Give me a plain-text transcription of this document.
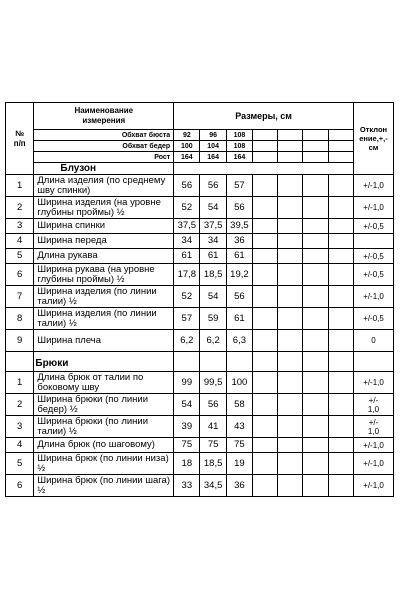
№
п/п	Наименование
измерения	Размеры, см							Отклон
ение,+,-
см
	Обхват бюста	92	96	108					
	Обхват бедер	100	104	108					
	Рост	164	164	164					
	Блузон								
1	Длина изделия (по среднему шву спинки)	56	56	57					+/-1,0
2	Ширина изделия (на уровне глубины проймы) ½	52	54	56					+/-1,0
3	Ширина спинки	37,5	37,5	39,5					+/-0,5
4	Ширина переда	34	34	36					
5	Длина рукава	61	61	61					+/-0,5
6	Ширина рукава (на уровне глубины проймы) ½	17,8	18,5	19,2					+/-0,5
7	Ширина изделия (по линии талии) ½	52	54	56					+/-1,0
8	Ширина изделия (по линии талии) ½	57	59	61					+/-0,5
9	Ширина плеча	6,2	6,2	6,3					0
	Брюки								
1	Длина брюк от талии по боковому шву	99	99,5	100					+/-1,0
2	Ширина брюки (по линии бедер) ½	54	56	58					+/-
1,0
3	Ширина брюки (по линии талии) ½	39	41	43					+/-
1,0
4	Длина брюк (по шаговому)	75	75	75					+/-1,0
5	Ширина брюк (по линии низа) ½	18	18,5	19					+/-1,0
6	Ширина брюк (по линии шага) ½	33	34,5	36					+/-1,0
